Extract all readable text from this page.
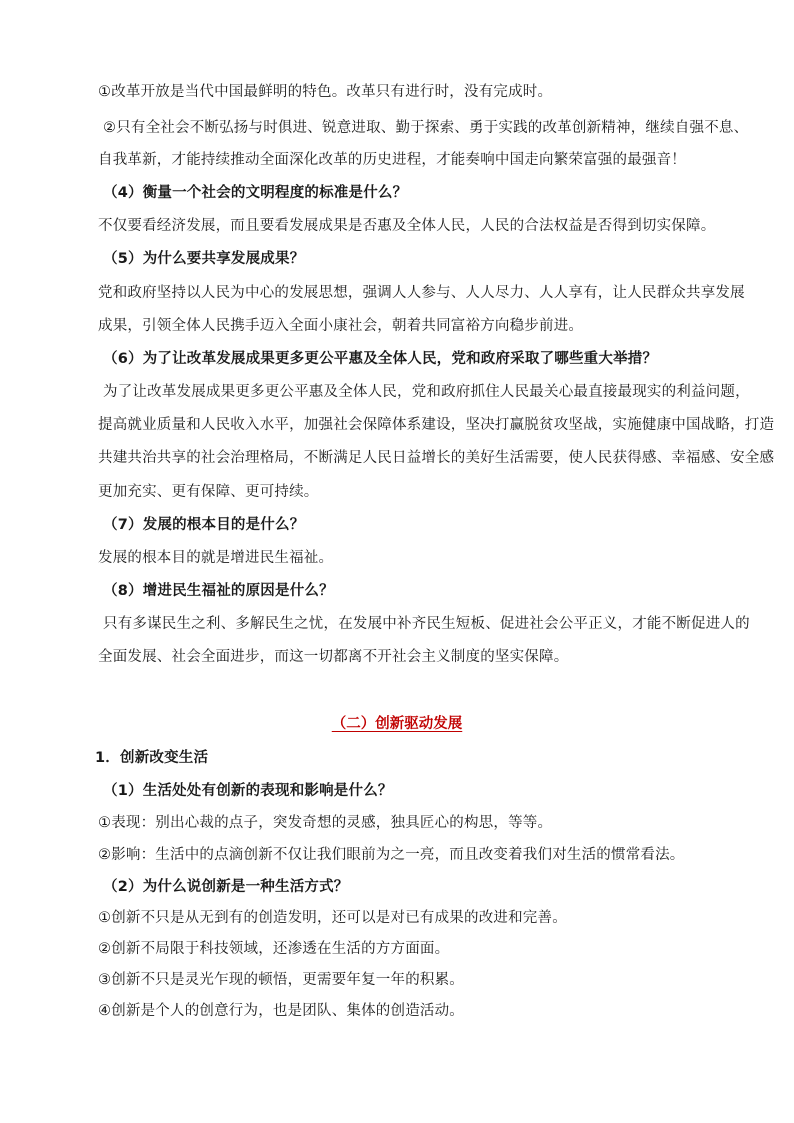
①改革开放是当代中国最鲜明的特色。改革只有进行时，没有完成时。
②只有全社会不断弘扬与时俱进、锐意进取、勤于探索、勇于实践的改革创新精神，继续自强不息、
自我革新，才能持续推动全面深化改革的历史进程，才能奏响中国走向繁荣富强的最强音！
（4）衡量一个社会的文明程度的标准是什么？
不仅要看经济发展，而且要看发展成果是否惠及全体人民，人民的合法权益是否得到切实保障。
（5）为什么要共享发展成果？
党和政府坚持以人民为中心的发展思想，强调人人参与、人人尽力、人人享有，让人民群众共享发展
成果，引领全体人民携手迈入全面小康社会，朝着共同富裕方向稳步前进。
（6）为了让改革发展成果更多更公平惠及全体人民，党和政府采取了哪些重大举措？
为了让改革发展成果更多更公平惠及全体人民，党和政府抓住人民最关心最直接最现实的利益问题，
提高就业质量和人民收入水平，加强社会保障体系建设，坚决打赢脱贫攻坚战，实施健康中国战略，打造
共建共治共享的社会治理格局，不断满足人民日益增长的美好生活需要，使人民获得感、幸福感、安全感
更加充实、更有保障、更可持续。
（7）发展的根本目的是什么？
发展的根本目的就是增进民生福祉。
（8）增进民生福祉的原因是什么？
只有多谋民生之利、多解民生之忧，在发展中补齐民生短板、促进社会公平正义，才能不断促进人的
全面发展、社会全面进步，而这一切都离不开社会主义制度的坚实保障。
（二）创新驱动发展
1．创新改变生活
（1）生活处处有创新的表现和影响是什么？
①表现：别出心裁的点子，突发奇想的灵感，独具匠心的构思，等等。
②影响：生活中的点滴创新不仅让我们眼前为之一亮，而且改变着我们对生活的惯常看法。
（2）为什么说创新是一种生活方式？
①创新不只是从无到有的创造发明，还可以是对已有成果的改进和完善。
②创新不局限于科技领域，还渗透在生活的方方面面。
③创新不只是灵光乍现的顿悟，更需要年复一年的积累。
④创新是个人的创意行为，也是团队、集体的创造活动。
